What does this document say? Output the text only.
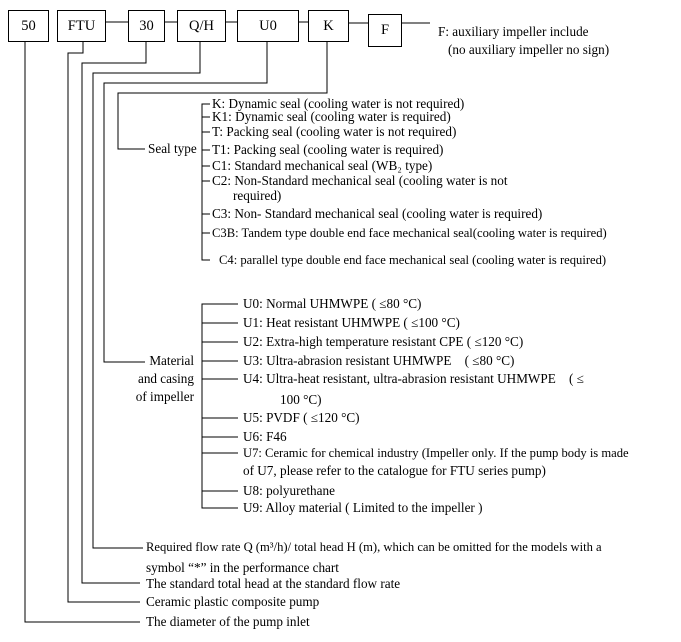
50	FTU	30	Q/H	U0	K	F	F: auxiliary impeller include
(no auxiliary impeller no sign)
Seal type
K: Dynamic seal (cooling water is not required)
K1: Dynamic seal (cooling water is required)
T: Packing seal (cooling water is not required)
T1: Packing seal (cooling water is required)
C1: Standard mechanical seal (WB₂ type)
C2: Non-Standard mechanical seal (cooling water is not
required)
C3: Non- Standard mechanical seal (cooling water is required)
C3B: Tandem type double end face mechanical seal(cooling water is required)
C4: parallel type double end face mechanical seal (cooling water is required)
Material
and casing
of impeller
U0: Normal UHMWPE ( ≤80 °C)
U1: Heat resistant UHMWPE ( ≤100 °C)
U2: Extra-high temperature resistant CPE ( ≤120 °C)
U3: Ultra-abrasion resistant UHMWPE    ( ≤80 °C)
U4: Ultra-heat resistant, ultra-abrasion resistant UHMWPE    ( ≤
100 °C)
U5: PVDF ( ≤120 °C)
U6: F46
U7: Ceramic for chemical industry (Impeller only. If the pump body is made
of U7, please refer to the catalogue for FTU series pump)
U8: polyurethane
U9: Alloy material ( Limited to the impeller )
Required flow rate Q (m³/h)/ total head H (m), which can be omitted for the models with a
symbol “*” in the performance chart
The standard total head at the standard flow rate
Ceramic plastic composite pump
The diameter of the pump inlet
